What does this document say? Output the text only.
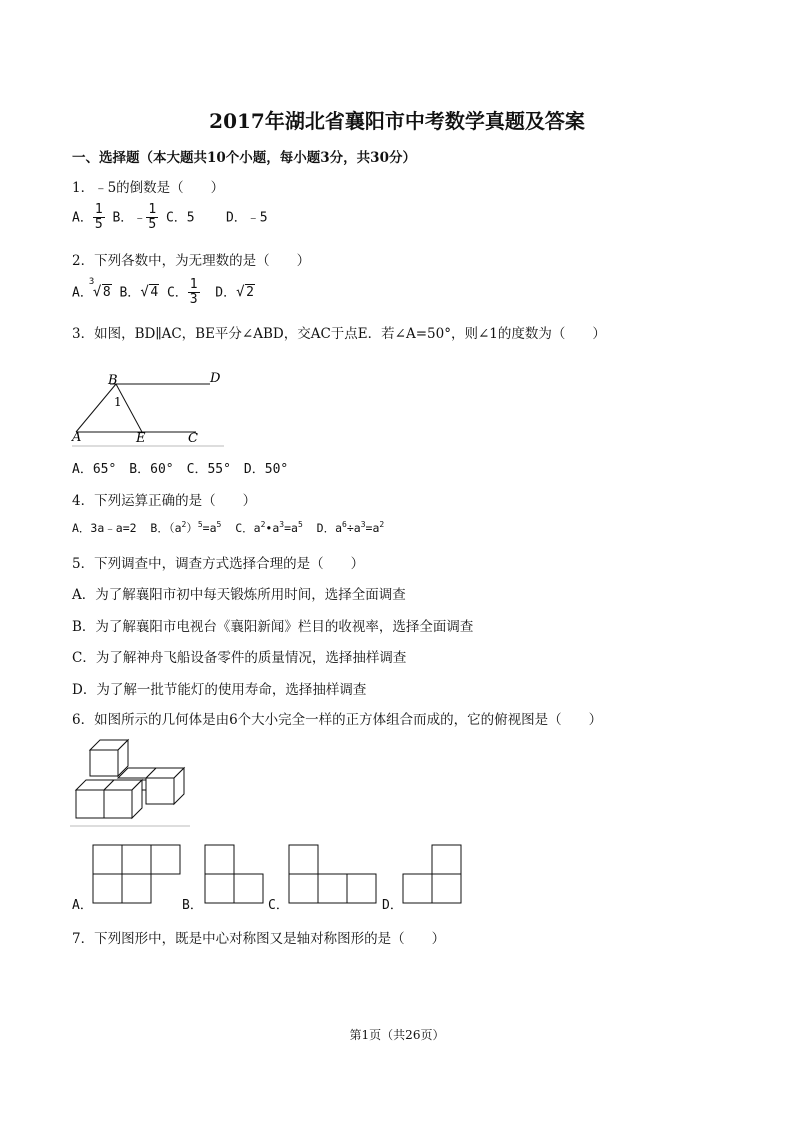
2017年湖北省襄阳市中考数学真题及答案
一、选择题（本大题共10个小题，每小题3分，共30分）
1．﹣5的倒数是（　　）
A． $\frac{1}{5}$ B．﹣ $\frac{1}{5}$ C．5 D．﹣5
2．下列各数中，为无理数的是（　　）
A．
3
√ 8 B． √ 4 C． $\frac{1}{3}$ D． √ 2
3．如图，BD∥AC，BE平分∠ABD，交AC于点E．若∠A=50°，则∠1的度数为（　　）
B	D
1
A	E	C
A．65°　B．60°　C．55°　D．50°
4．下列运算正确的是（　　）
A．3a﹣a=2 B．$(a^2)^5=a^5$ C．$a^2•a^3=a^5$ D．$a^6\div a^3=a^2$
5．下列调查中，调查方式选择合理的是（　　）
A．为了解襄阳市初中每天锻炼所用时间，选择全面调查
B．为了解襄阳市电视台《襄阳新闻》栏目的收视率，选择全面调查
C．为了解神舟飞船设备零件的质量情况，选择抽样调查
D．为了解一批节能灯的使用寿命，选择抽样调查
6．如图所示的几何体是由6个大小完全一样的正方体组合而成的，它的俯视图是（　　）
A．	B．	C．	D．
7．下列图形中，既是中心对称图又是轴对称图形的是（　　）
第1页（共26页）
